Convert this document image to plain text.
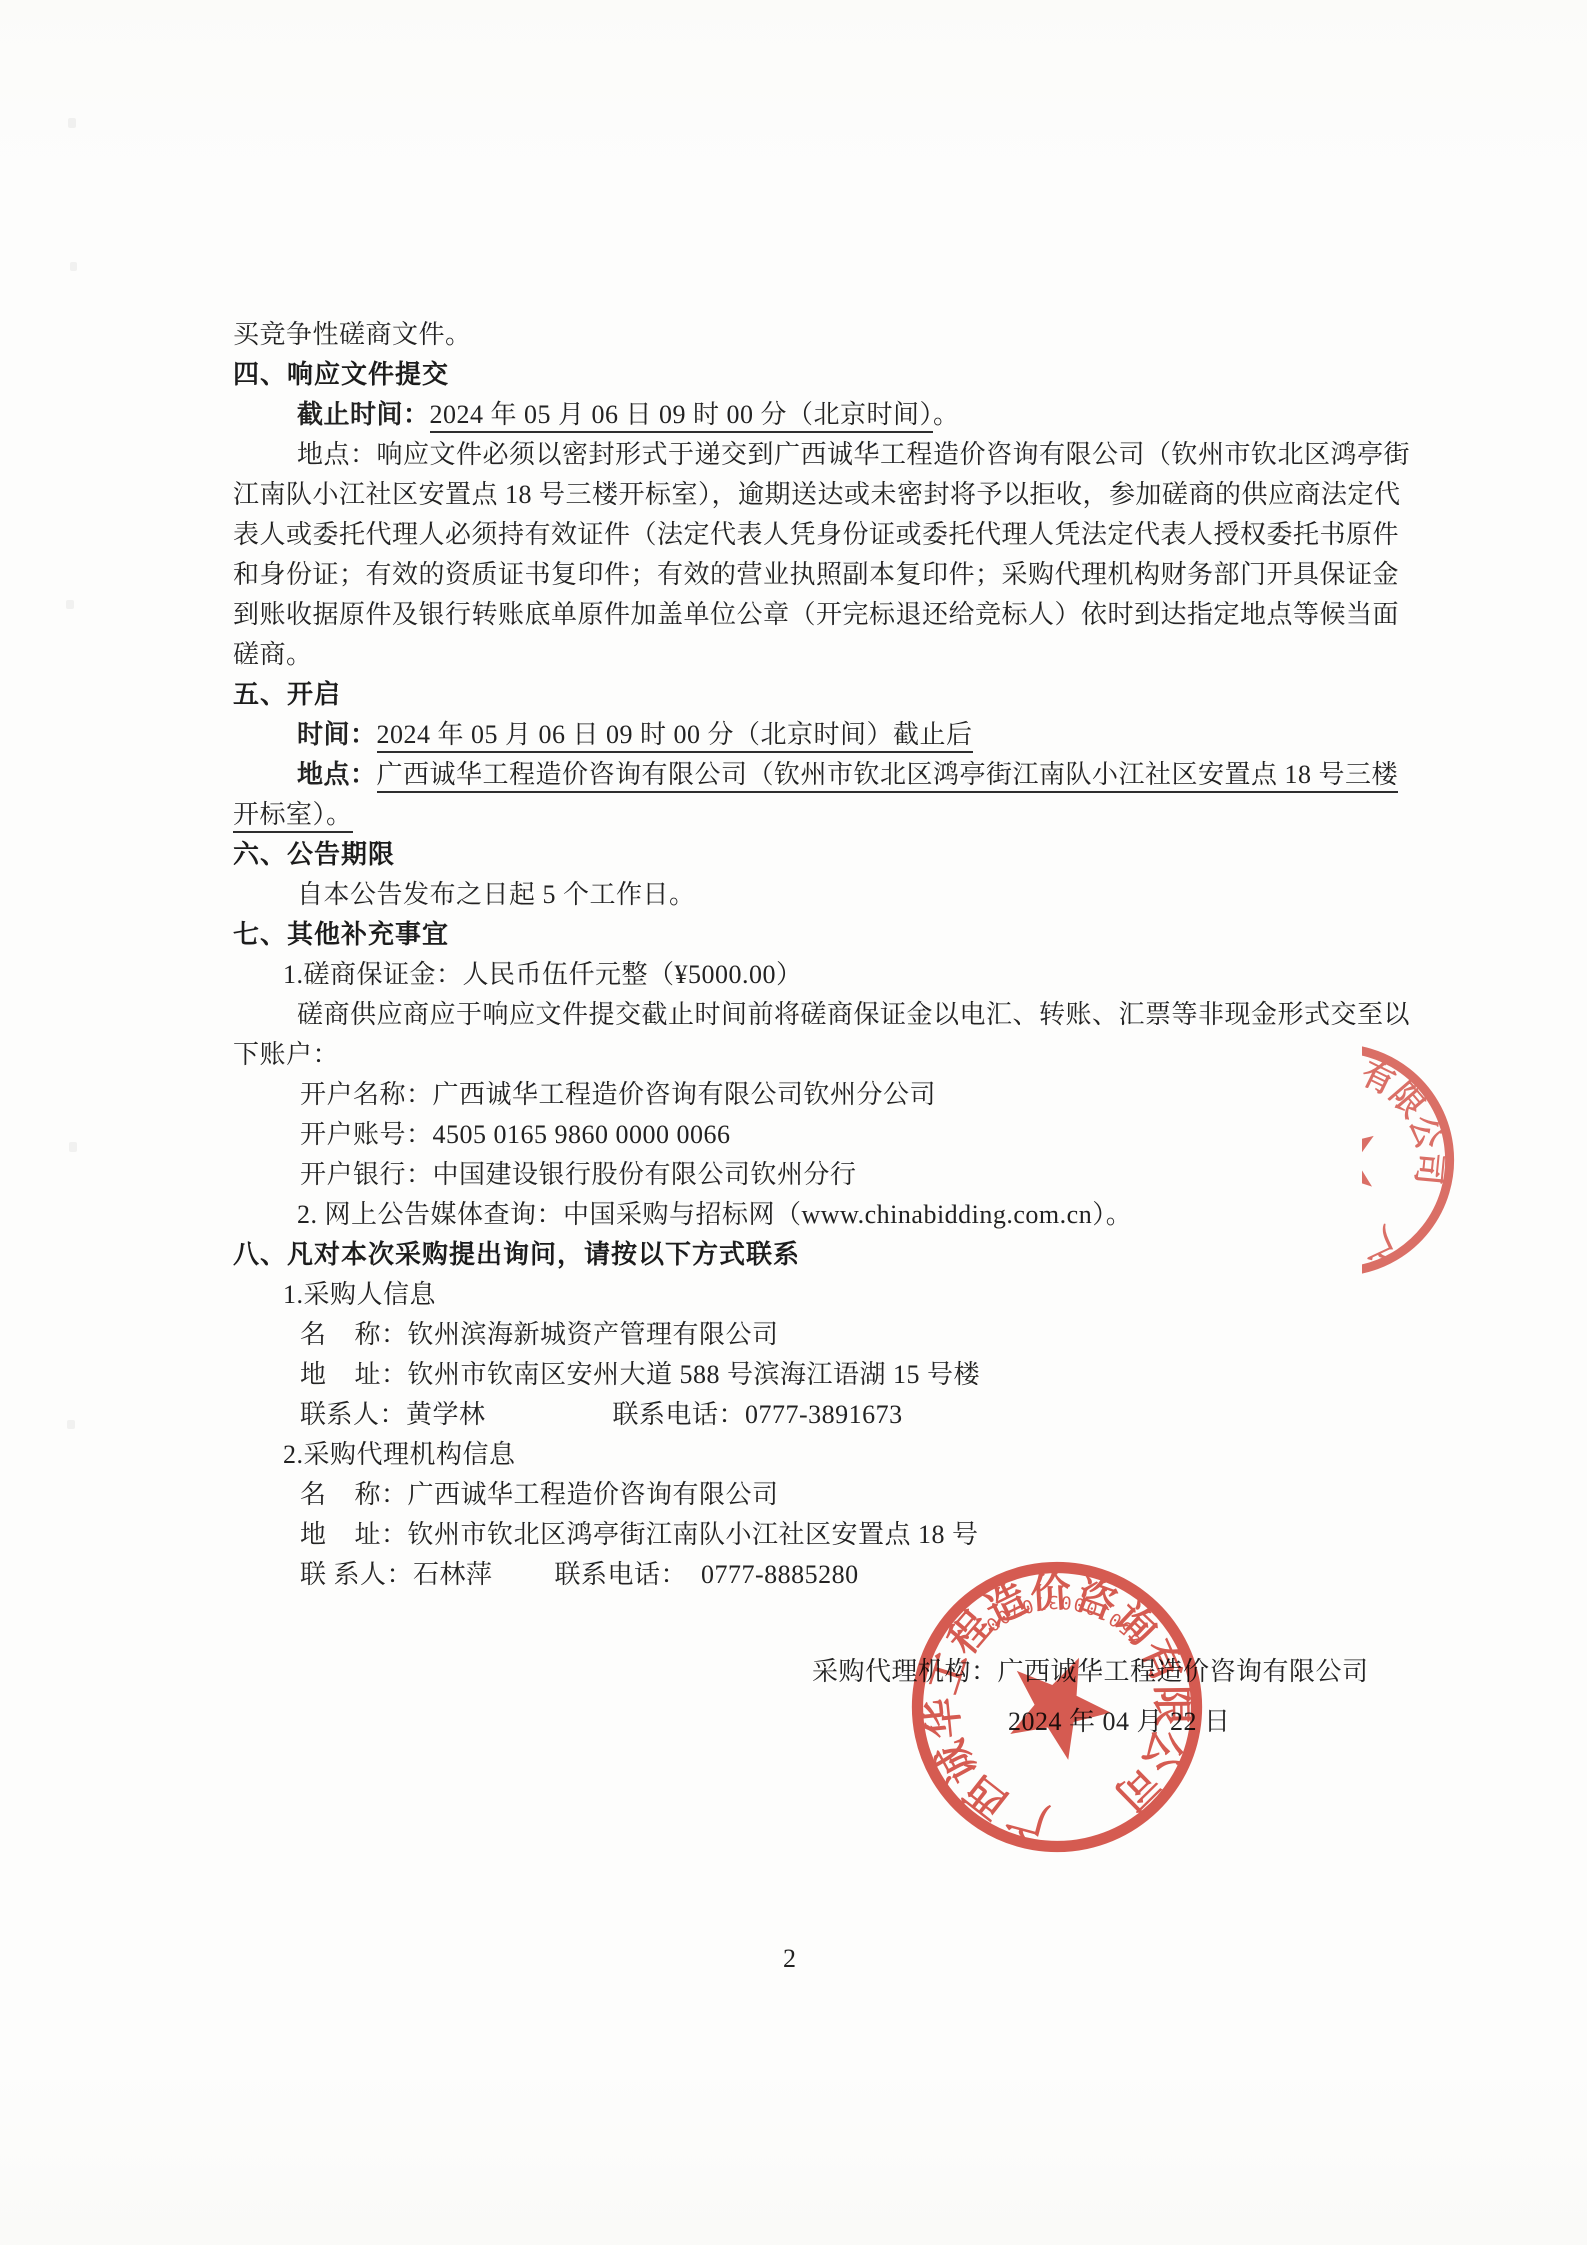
买竞争性磋商文件。
四、响应文件提交
截止时间：2024 年 05 月 06 日 09 时 00 分（北京时间）。
地点：响应文件必须以密封形式于递交到广西诚华工程造价咨询有限公司（钦州市钦北区鸿亭街
江南队小江社区安置点 18 号三楼开标室），逾期送达或未密封将予以拒收，参加磋商的供应商法定代
表人或委托代理人必须持有效证件（法定代表人凭身份证或委托代理人凭法定代表人授权委托书原件
和身份证；有效的资质证书复印件；有效的营业执照副本复印件；采购代理机构财务部门开具保证金
到账收据原件及银行转账底单原件加盖单位公章（开完标退还给竞标人）依时到达指定地点等候当面
磋商。
五、开启
时间：2024 年 05 月 06 日 09 时 00 分（北京时间）截止后
地点：广西诚华工程造价咨询有限公司（钦州市钦北区鸿亭街江南队小江社区安置点 18 号三楼
开标室）。
六、公告期限
自本公告发布之日起 5 个工作日。
七、其他补充事宜
1.磋商保证金：人民币伍仟元整（¥5000.00）
磋商供应商应于响应文件提交截止时间前将磋商保证金以电汇、转账、汇票等非现金形式交至以
下账户：
开户名称：广西诚华工程造价咨询有限公司钦州分公司
开户账号：4505 0165 9860 0000 0066
开户银行：中国建设银行股份有限公司钦州分行
2. 网上公告媒体查询：中国采购与招标网（www.chinabidding.com.cn）。
八、凡对本次采购提出询问，请按以下方式联系
1.采购人信息
名    称：钦州滨海新城资产管理有限公司
地    址：钦州市钦南区安州大道 588 号滨海江语湖 15 号楼
联系人：黄学林	联系电话：0777-3891673
2.采购代理机构信息
名    称：广西诚华工程造价咨询有限公司
地    址：钦州市钦北区鸿亭街江南队小江社区安置点 18 号
联 系人：石林萍 联系电话：  0777-8885280
采购代理机构：广西诚华工程造价咨询有限公司
2024 年 04 月 22 日
2
